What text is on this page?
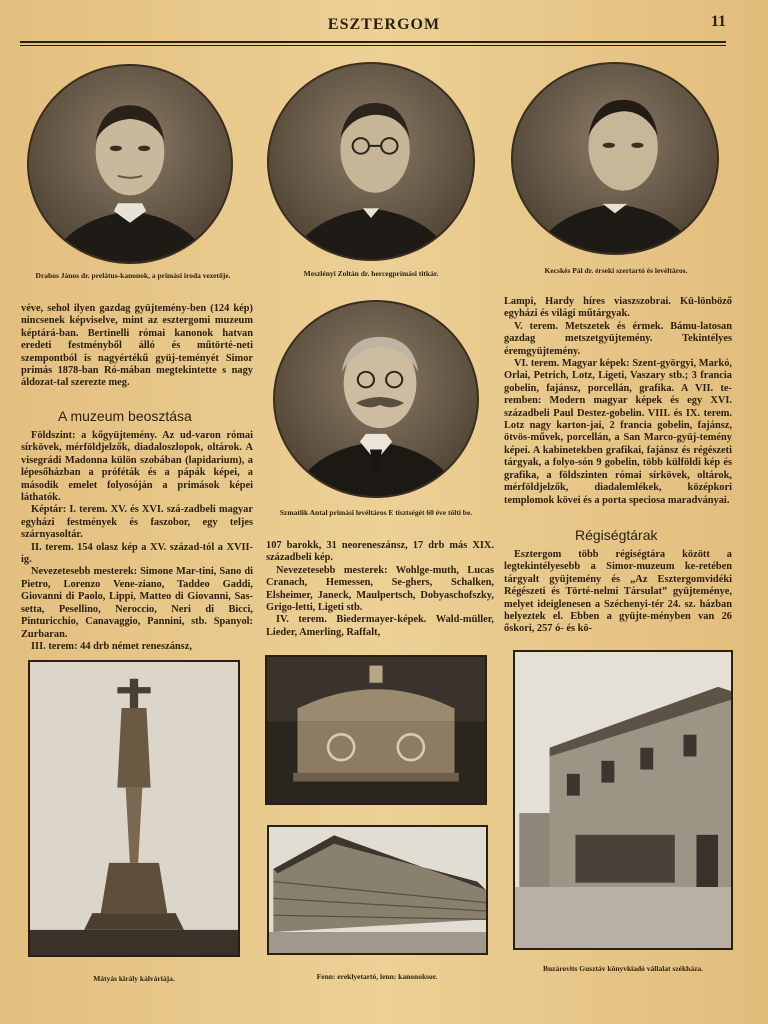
ESZTERGOM	11
Drahos János dr. prelátus-kanonok, a primási iroda vezetője.	Meszlényi Zoltán dr. hercegprímási titkár.	Kecskés Pál dr. érseki szertartó és levéltáros.
Szmatlik Antal primási levéltáros E tisztségét 60 éve tölti be.

véve, sehol ilyen gazdag gyüjtemény-ben (124 kép) nincsenek képviselve, mint az esztergomi muzeum képtárá-ban. Bertinelli római kanonok hatvan eredeti festményből álló és műtörté-neti szempontból is nagyértékű gyüj-teményét Simor primás 1878-ban Ró-mában megtekintette s nagy áldozat-tal szerezte meg.

A muzeum beosztása

Földszint: a kőgyüjtemény. Az ud-varon római sírkövek, mérföldjelzők, diadaloszlopok, oltárok. A visegrádi Madonna külön szobában (lapidarium), a lépesőházban a próféták és a pápák képei, a második emelet folyosóján a primások képei láthatók.

Képtár: I. terem. XV. és XVI. szá-zadbeli magyar egyházi festmények és faszobor, egy teljes szárnyasoltár.

II. terem. 154 olasz kép a XV. század-tól a XVII-ig.

Nevezetesebb mesterek: Simone Mar-tini, Sano di Pietro, Lorenzo Vene-ziano, Taddeo Gaddi, Giovanni di Paolo, Lippi, Matteo di Giovanni, Sas-setta, Pesellino, Neroccio, Neri di Bicci, Pinturicchio, Canavaggio, Pannini, stb. Spanyol: Zurbaran.

III. terem: 44 drb német reneszánsz,

107 barokk, 31 neoreneszánsz, 17 drb más XIX. századbeli kép.

Nevezetesebb mesterek: Wohlge-muth, Lucas Cranach, Hemessen, Se-ghers, Schalken, Elsheimer, Janeck, Maulpertsch, Dobyaschofszky, Grigo-letti, Ligeti stb.

IV. terem. Biedermayer-képek. Wald-müller, Lieder, Amerling, Raffalt,

Lampi, Hardy híres viaszszobrai. Kü-lönböző egyházi és világi műtárgyak.

V. terem. Metszetek és érmek. Bámu-latosan gazdag metszetgyüjtemény. Tekintélyes éremgyüjtemény.

VI. terem. Magyar képek: Szent-györgyi, Markó, Orlai, Petrich, Lotz, Ligeti, Vaszary stb.; 3 francia gobelin, fajánsz, porcellán, grafika. A VII. te-remben: Modern magyar képek és egy XVI. századbeli Paul Destez-gobelin. VIII. és IX. terem. Lotz nagy karton-jai, 2 francia gobelin, fajánsz, ötvös-művek, porcellán, a San Marco-gyüj-temény képei. A kabinetekben grafikai, fajánsz és régészeti tárgyak, a folyo-són 9 gobelin, több külföldi kép és grafika, a földszinten római sírkövek, oltárok, mérföldjelzők, diadalemlékek, középkori templomok kövei és a porta speciosa maradványai.

Régiségtárak

Esztergom több régiségtára között a legtekintélyesebb a Simor-muzeum ke-retében tárgyalt gyüjtemény és „Az Esztergomvidéki Régészeti és Törté-nelmi Társulat” gyüjteménye, melyet ideiglenesen a Széchenyi-tér 24. sz. házban helyeztek el. Ebben a gyüjte-ményben van 26 őskori, 257 ó- és kö-

Mátyás király kálváriája.	Fenn: ereklyetartó, lenn: kanonoksor.
Buzárovits Gusztáv könyvkiadó vállalat székháza.
